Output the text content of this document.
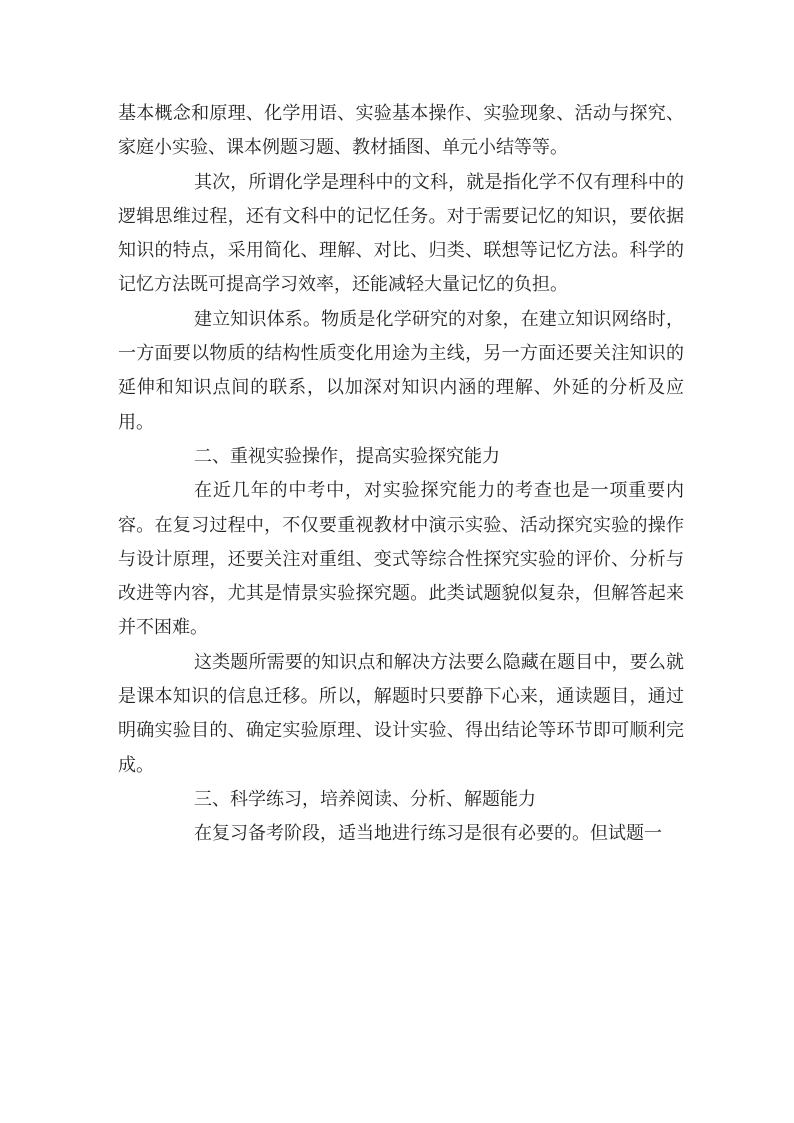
基本概念和原理、化学用语、实验基本操作、实验现象、活动与探究、家庭小实验、课本例题习题、教材插图、单元小结等等。

其次，所谓化学是理科中的文科，就是指化学不仅有理科中的逻辑思维过程，还有文科中的记忆任务。对于需要记忆的知识，要依据知识的特点，采用简化、理解、对比、归类、联想等记忆方法。科学的记忆方法既可提高学习效率，还能减轻大量记忆的负担。

建立知识体系。物质是化学研究的对象，在建立知识网络时，一方面要以物质的结构性质变化用途为主线，另一方面还要关注知识的延伸和知识点间的联系，以加深对知识内涵的理解、外延的分析及应用。

二、重视实验操作，提高实验探究能力

在近几年的中考中，对实验探究能力的考查也是一项重要内容。在复习过程中，不仅要重视教材中演示实验、活动探究实验的操作与设计原理，还要关注对重组、变式等综合性探究实验的评价、分析与改进等内容，尤其是情景实验探究题。此类试题貌似复杂，但解答起来并不困难。

这类题所需要的知识点和解决方法要么隐藏在题目中，要么就是课本知识的信息迁移。所以，解题时只要静下心来，通读题目，通过明确实验目的、确定实验原理、设计实验、得出结论等环节即可顺利完成。

三、科学练习，培养阅读、分析、解题能力

在复习备考阶段，适当地进行练习是很有必要的。但试题一
